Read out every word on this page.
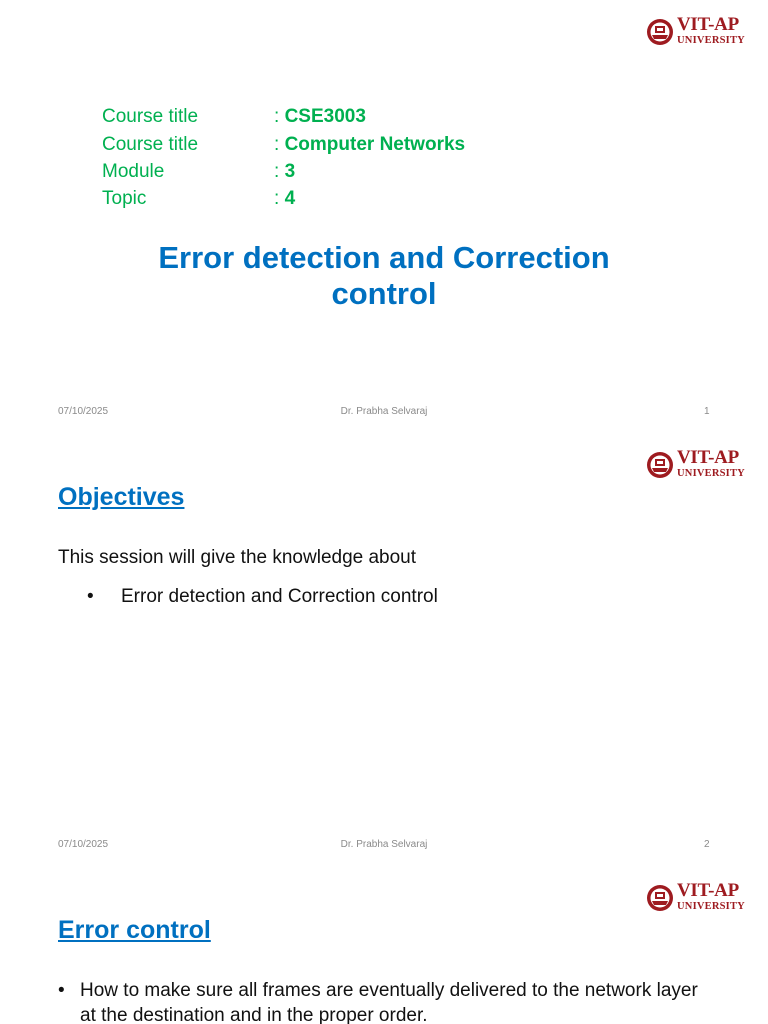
VIT-AP
UNIVERSITY
Course title	: CSE3003
Course title	: Computer Networks
Module	: 3
Topic	: 4
Error detection and Correction
control
07/10/2025	Dr. Prabha Selvaraj	1
VIT-AP
UNIVERSITY
Objectives
This session will give the knowledge about
• Error detection and Correction control
07/10/2025	Dr. Prabha Selvaraj	2
VIT-AP
UNIVERSITY
Error control
• How to make sure all frames are eventually delivered to the network layer at the destination and in the proper order.
